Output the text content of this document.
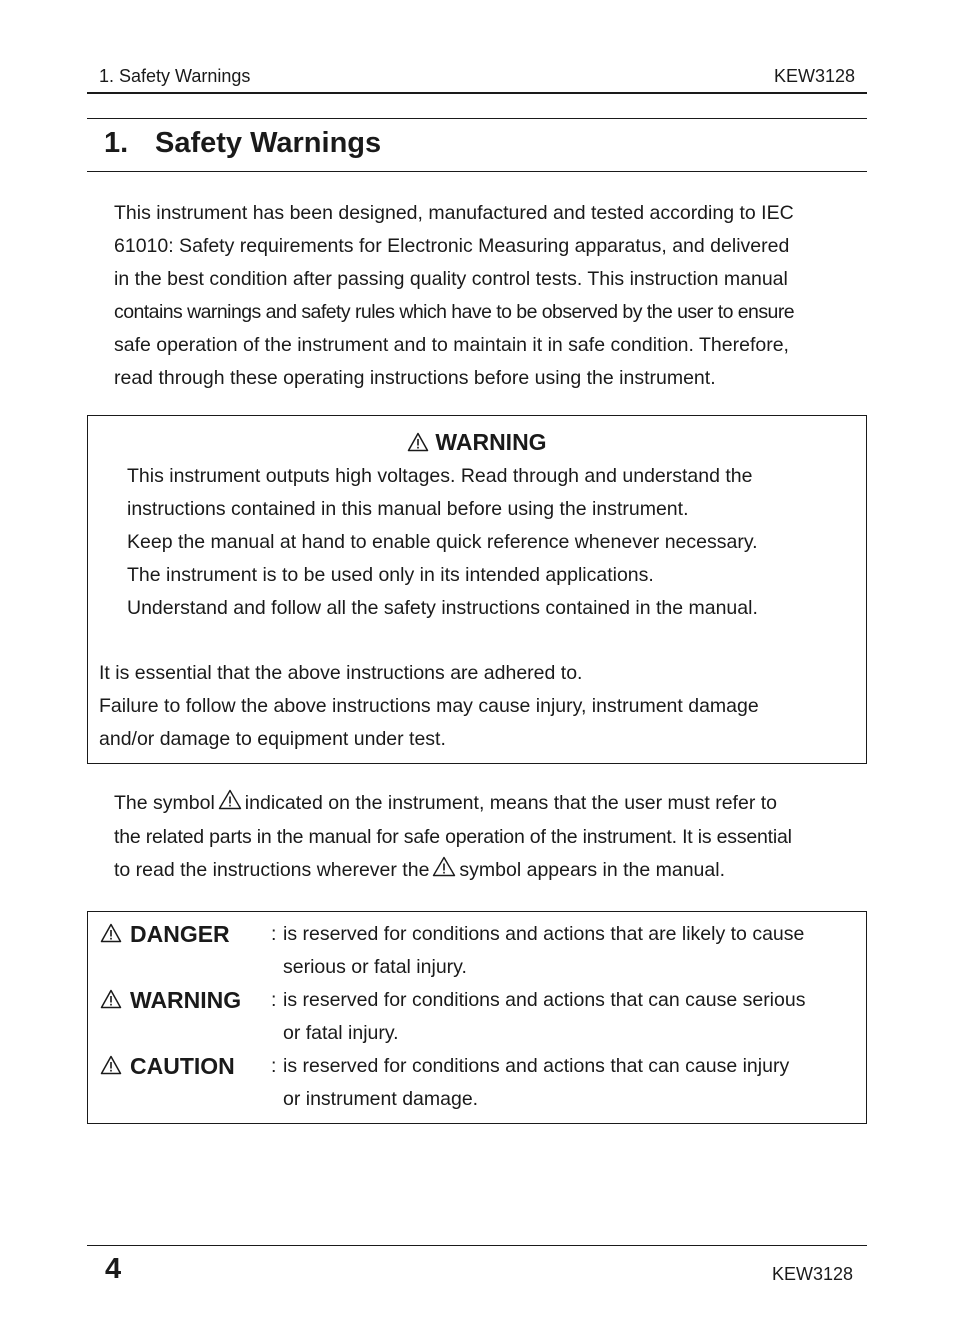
1. Safety Warnings	KEW3128
1. Safety Warnings
This instrument has been designed, manufactured and tested according to IEC
61010: Safety requirements for Electronic Measuring apparatus, and delivered
in the best condition after passing quality control tests. This instruction manual
contains warnings and safety rules which have to be observed by the user to ensure
safe operation of the instrument and to maintain it in safe condition. Therefore,
read through these operating instructions before using the instrument.
WARNING
This instrument outputs high voltages. Read through and understand the
instructions contained in this manual before using the instrument.
Keep the manual at hand to enable quick reference whenever necessary.
The instrument is to be used only in its intended applications.
Understand and follow all the safety instructions contained in the manual.
It is essential that the above instructions are adhered to.
Failure to follow the above instructions may cause injury, instrument damage
and/or damage to equipment under test.
The symbol indicated on the instrument, means that the user must refer to
the related parts in the manual for safe operation of the instrument. It is essential
to read the instructions wherever the symbol appears in the manual.
DANGER : is reserved for conditions and actions that are likely to cause
serious or fatal injury.
WARNING : is reserved for conditions and actions that can cause serious
or fatal injury.
CAUTION : is reserved for conditions and actions that can cause injury
or instrument damage.
4	KEW3128
